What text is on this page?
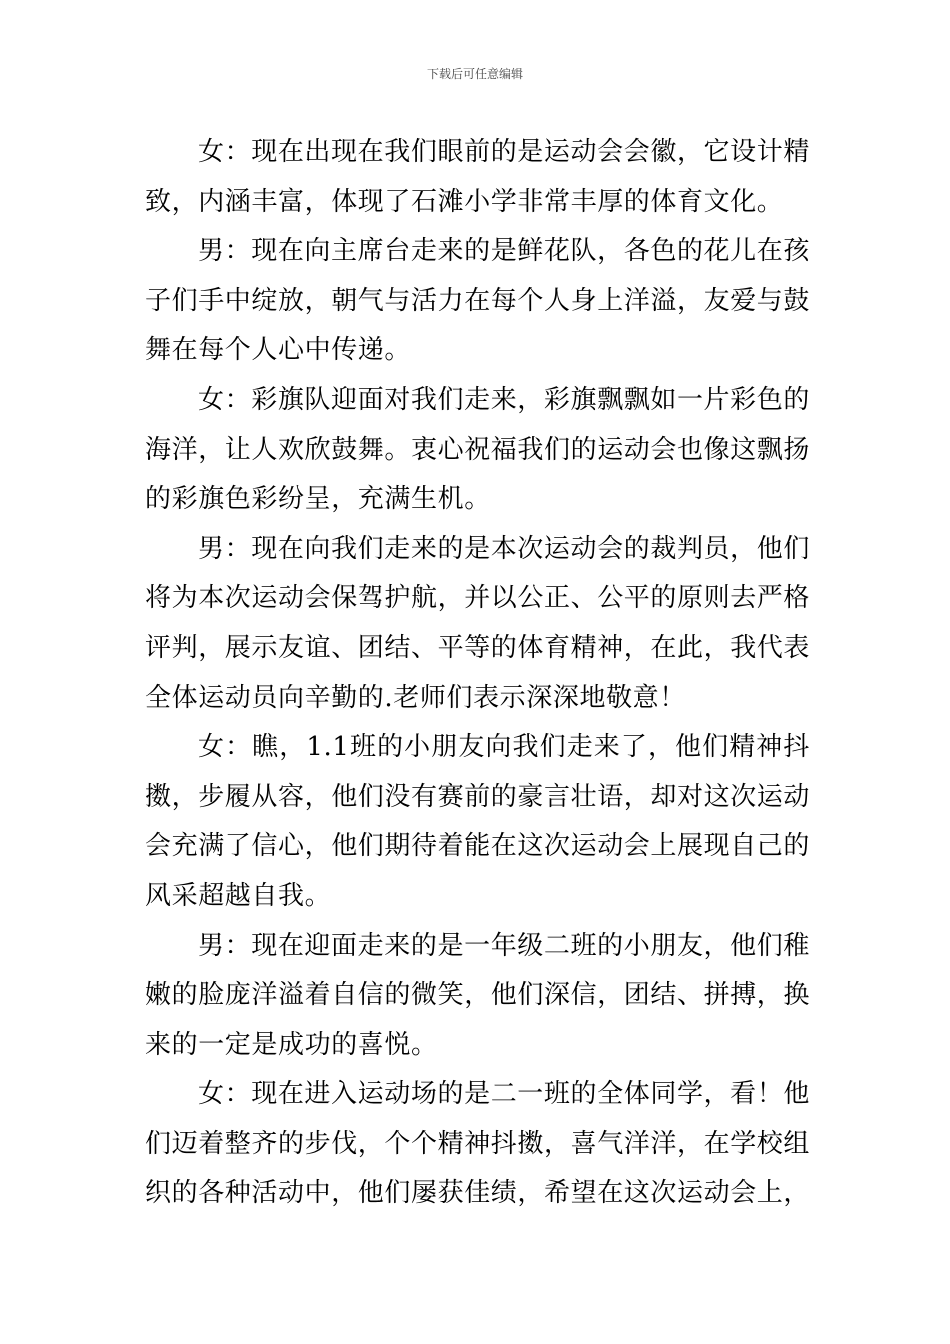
下载后可任意编辑

女：现在出现在我们眼前的是运动会会徽，它设计精致，内涵丰富，体现了石滩小学非常丰厚的体育文化。

男：现在向主席台走来的是鲜花队，各色的花儿在孩子们手中绽放，朝气与活力在每个人身上洋溢，友爱与鼓舞在每个人心中传递。

女：彩旗队迎面对我们走来，彩旗飘飘如一片彩色的海洋，让人欢欣鼓舞。衷心祝福我们的运动会也像这飘扬的彩旗色彩纷呈，充满生机。

男：现在向我们走来的是本次运动会的裁判员，他们将为本次运动会保驾护航，并以公正、公平的原则去严格评判，展示友谊、团结、平等的体育精神，在此，我代表全体运动员向辛勤的.老师们表示深深地敬意！

女：瞧，1.1班的小朋友向我们走来了，他们精神抖擞，步履从容，他们没有赛前的豪言壮语，却对这次运动会充满了信心，他们期待着能在这次运动会上展现自己的风采超越自我。

男：现在迎面走来的是一年级二班的小朋友，他们稚嫩的脸庞洋溢着自信的微笑，他们深信，团结、拼搏，换来的一定是成功的喜悦。

女：现在进入运动场的是二一班的全体同学，看！他们迈着整齐的步伐，个个精神抖擞，喜气洋洋，在学校组织的各种活动中，他们屡获佳绩，希望在这次运动会上，
